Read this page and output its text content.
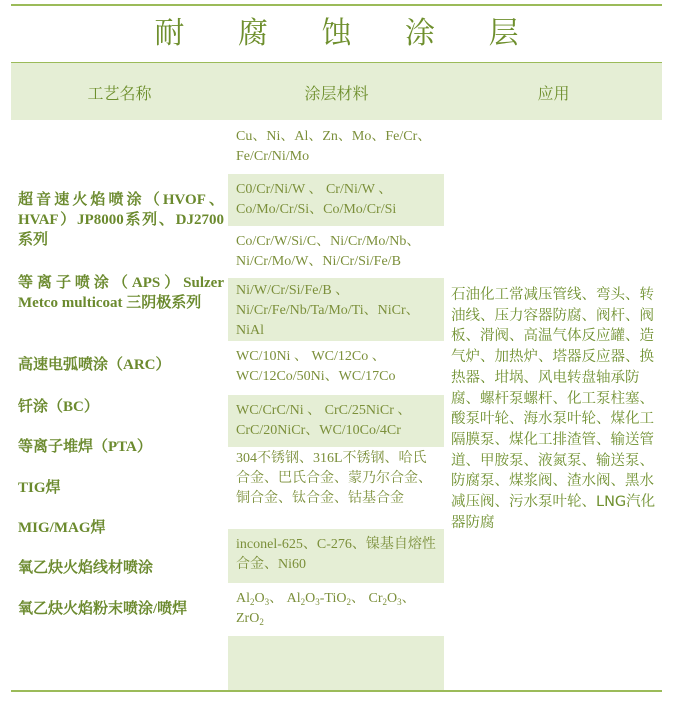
耐 腐 蚀 涂 层
工艺名称	涂层材料	应用
超音速火焰喷涂（HVOF、HVAF）JP8000系列、DJ2700系列
等离子喷涂（APS）Sulzer Metco multicoat 三阴极系列
高速电弧喷涂（ARC）
钎涂（BC）
等离子堆焊（PTA）
TIG焊
MIG/MAG焊
氧乙炔火焰线材喷涂
氧乙炔火焰粉末喷涂/喷焊
Cu、Ni、Al、Zn、Mo、Fe/Cr、Fe/Cr/Ni/Mo
C0/Cr/Ni/W 、 Cr/Ni/W 、Co/Mo/Cr/Si、Co/Mo/Cr/Si
Co/Cr/W/Si/C、Ni/Cr/Mo/Nb、Ni/Cr/Mo/W、Ni/Cr/Si/Fe/B
Ni/W/Cr/Si/Fe/B 、Ni/Cr/Fe/Nb/Ta/Mo/Ti、NiCr、NiAl
WC/10Ni 、 WC/12Co 、WC/12Co/50Ni、WC/17Co
WC/CrC/Ni 、 CrC/25NiCr 、CrC/20NiCr、WC/10Co/4Cr
304不锈钢、316L不锈钢、哈氏合金、巴氏合金、蒙乃尔合金、铜合金、钛合金、钴基合金
inconel-625、C-276、镍基自熔性合金、Ni60
$Al_2O_3$、 $Al_2O_3-TiO_2$、 $Cr_2O_3$、
ZrO$_2$
石油化工常减压管线、弯头、转油线、压力容器防腐、阀杆、阀板、滑阀、高温气体反应罐、造气炉、加热炉、塔器反应器、换热器、坩埚、风电转盘轴承防腐、螺杆泵螺杆、化工泵柱塞、酸泵叶轮、海水泵叶轮、煤化工隔膜泵、煤化工排渣管、输送管道、甲胺泵、液氮泵、输送泵、防腐泵、煤浆阀、渣水阀、黑水减压阀、污水泵叶轮、LNG汽化器防腐
